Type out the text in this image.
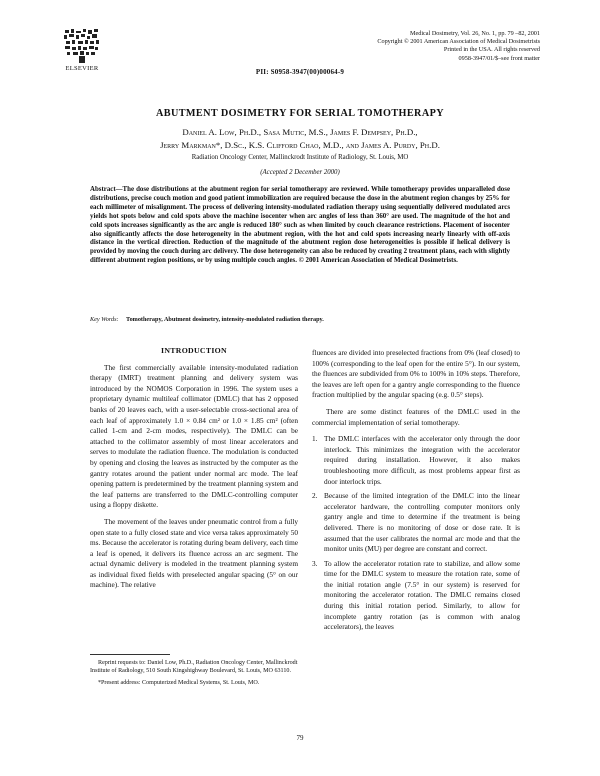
ELSEVIER
Medical Dosimetry, Vol. 26, No. 1, pp. 79 –82, 2001
Copyright © 2001 American Association of Medical Dosimetrists
Printed in the USA. All rights reserved
0958-3947/01/$–see front matter
PII: S0958-3947(00)00064-9
ABUTMENT DOSIMETRY FOR SERIAL TOMOTHERAPY
Daniel A. Low, Ph.D., Sasa Mutic, M.S., James F. Dempsey, Ph.D.,
Jerry Markman*, D.Sc., K.S. Clifford Chao, M.D., and James A. Purdy, Ph.D.
Radiation Oncology Center, Mallinckrodt Institute of Radiology, St. Louis, MO
(Accepted 2 December 2000)
Abstract—The dose distributions at the abutment region for serial tomotherapy are reviewed. While tomotherapy provides unparalleled dose distributions, precise couch motion and good patient immobilization are required because the dose in the abutment region changes by 25% for each millimeter of misalignment. The process of delivering intensity-modulated radiation therapy using sequentially delivered modulated arcs yields hot spots below and cold spots above the machine isocenter when arc angles of less than 360° are used. The magnitude of the hot and cold spots increases significantly as the arc angle is reduced 180° such as when limited by couch clearance restrictions. Placement of isocenter also significantly affects the dose heterogeneity in the abutment region, with the hot and cold spots increasing nearly linearly with off-axis distance in the vertical direction. Reduction of the magnitude of the abutment region dose heterogeneities is possible if helical delivery is provided by moving the couch during arc delivery. The dose heterogeneity can also be reduced by creating 2 treatment plans, each with slightly different abutment region positions, or by using multiple couch angles. © 2001 American Association of Medical Dosimetrists.
Key Words: Tomotherapy, Abutment dosimetry, intensity-modulated radiation therapy.
INTRODUCTION

The first commercially available intensity-modulated radiation therapy (IMRT) treatment planning and delivery system was introduced by the NOMOS Corporation in 1996. The system uses a proprietary dynamic multileaf collimator (DMLC) that has 2 opposed banks of 20 leaves each, with a user-selectable cross-sectional area of each leaf of approximately 1.0 × 0.84 cm² or 1.0 × 1.85 cm² (often called 1-cm and 2-cm modes, respectively). The DMLC can be attached to the collimator assembly of most linear accelerators and serves to modulate the radiation fluence. The modulation is conducted by opening and closing the leaves as instructed by the computer as the gantry rotates around the patient under normal arc mode. The leaf opening pattern is predetermined by the treatment planning system and the leaf patterns are transferred to the DMLC-controlling computer using a floppy diskette.

The movement of the leaves under pneumatic control from a fully open state to a fully closed state and vice versa takes approximately 50 ms. Because the accelerator is rotating during beam delivery, each time a leaf is opened, it delivers its fluence across an arc segment. The actual dynamic delivery is modeled in the treatment planning system as individual fixed fields with preselected angular spacing (5° on our machine). The relative

fluences are divided into preselected fractions from 0% (leaf closed) to 100% (corresponding to the leaf open for the entire 5°). In our system, the fluences are subdivided from 0% to 100% in 10% steps. Therefore, the leaves are left open for a gantry angle corresponding to the fluence fraction multiplied by the angular spacing (e.g. 0.5° steps).

There are some distinct features of the DMLC used in the commercial implementation of serial tomotherapy.

1. The DMLC interfaces with the accelerator only through the door interlock. This minimizes the integration with the accelerator required during installation. However, it also makes troubleshooting more difficult, as most problems appear first as door interlock trips.
2. Because of the limited integration of the DMLC into the linear accelerator hardware, the controlling computer monitors only gantry angle and time to determine if the treatment is being delivered. There is no monitoring of dose or dose rate. It is assumed that the user calibrates the normal arc mode and that the monitor units (MU) per degree are constant and correct.
3. To allow the accelerator rotation rate to stabilize, and allow some time for the DMLC system to measure the rotation rate, some of the initial rotation angle (7.5° in our system) is reserved for monitoring the accelerator rotation. The DMLC remains closed during this initial rotation period. Similarly, to allow for incomplete gantry rotation (as is common with analog accelerators), the leaves

Reprint requests to: Daniel Low, Ph.D., Radiation Oncology Center, Mallinckrodt Institute of Radiology, 510 South Kingshighway Boulevard, St. Louis, MO 63110.

*Present address: Computerized Medical Systems, St. Louis, MO.

79
